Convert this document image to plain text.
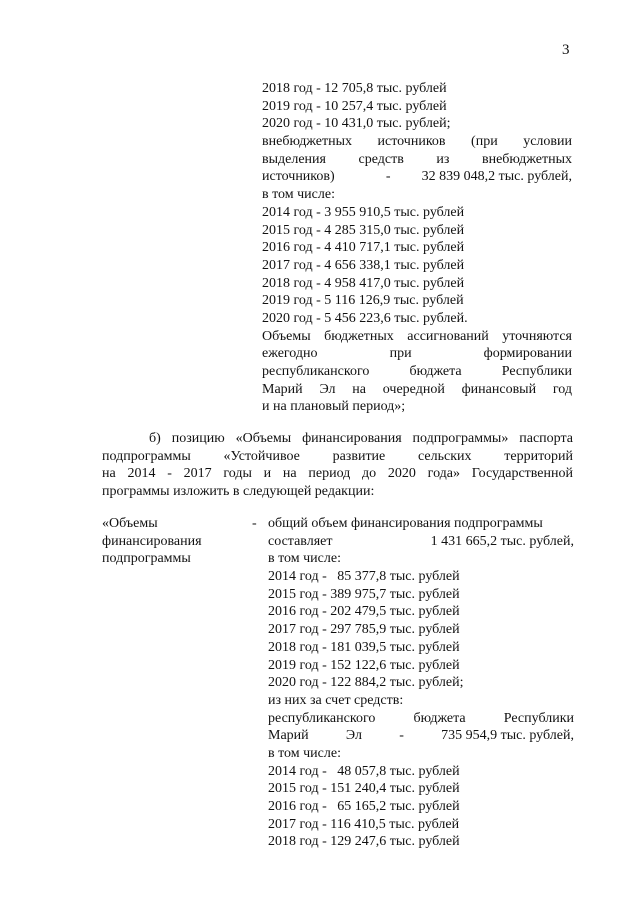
3
2018 год - 12 705,8 тыс. рублей
2019 год - 10 257,4 тыс. рублей
2020 год - 10 431,0 тыс. рублей;
внебюджетных источников (при условии
выделения средств из внебюджетных
источников)	- 32 839 048,2 тыс. рублей,
в том числе:
2014 год - 3 955 910,5 тыс. рублей
2015 год - 4 285 315,0 тыс. рублей
2016 год - 4 410 717,1 тыс. рублей
2017 год - 4 656 338,1 тыс. рублей
2018 год - 4 958 417,0 тыс. рублей
2019 год - 5 116 126,9 тыс. рублей
2020 год - 5 456 223,6 тыс. рублей.
Объемы бюджетных ассигнований уточняются
ежегодно при формировании
республиканского бюджета Республики
Марий Эл на очередной финансовый год
и на плановый период»;
б) позицию «Объемы финансирования подпрограммы» паспорта
подпрограммы «Устойчивое развитие сельских территорий
на 2014 - 2017 годы и на период до 2020 года» Государственной
программы изложить в следующей редакции:
«Объемы
финансирования
подпрограммы
- общий объем финансирования подпрограммы
составляет	1 431 665,2 тыс. рублей,
в том числе:
2014 год -   85 377,8 тыс. рублей
2015 год - 389 975,7 тыс. рублей
2016 год - 202 479,5 тыс. рублей
2017 год - 297 785,9 тыс. рублей
2018 год - 181 039,5 тыс. рублей
2019 год - 152 122,6 тыс. рублей
2020 год - 122 884,2 тыс. рублей;
из них за счет средств:
республиканского бюджета Республики
Марий	Эл	-	735 954,9 тыс. рублей,
в том числе:
2014 год -   48 057,8 тыс. рублей
2015 год - 151 240,4 тыс. рублей
2016 год -   65 165,2 тыс. рублей
2017 год - 116 410,5 тыс. рублей
2018 год - 129 247,6 тыс. рублей
